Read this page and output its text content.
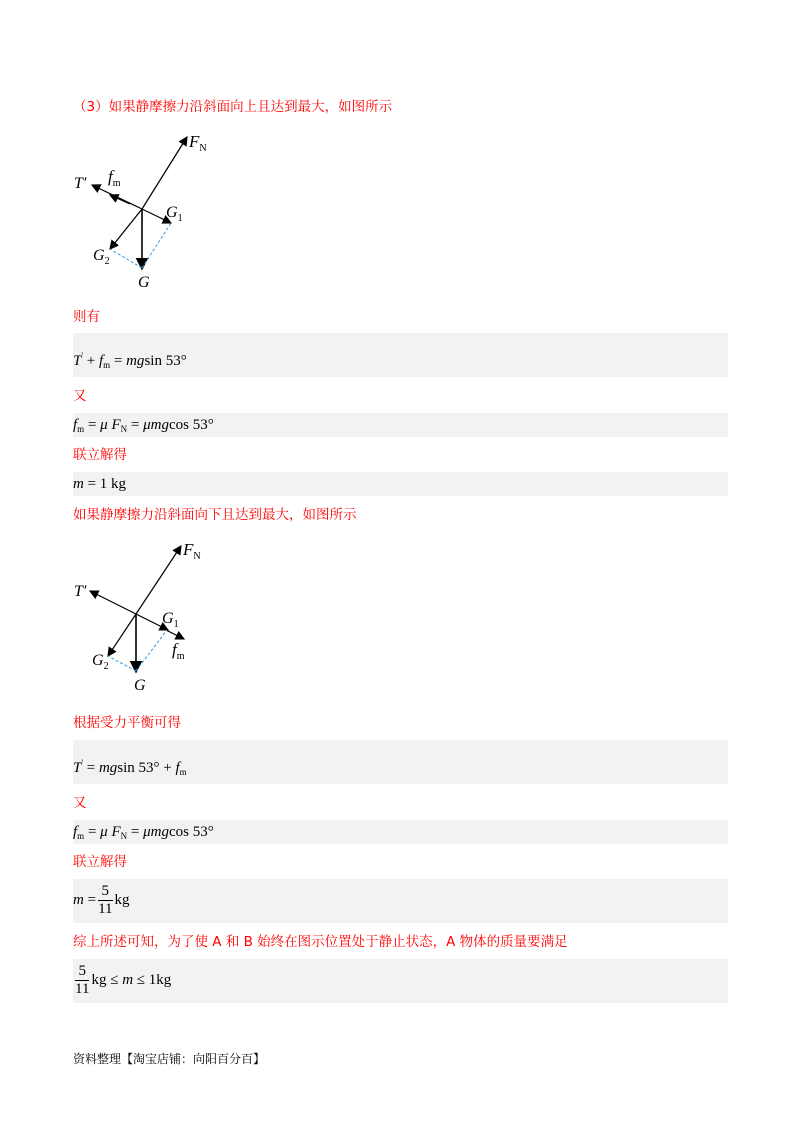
（3）如果静摩擦力沿斜面向上且达到最大，如图所示
$F_N$
T′ $f_m$
$G_1$
$G_2$
G
则有
$T' + f_m = mgsin$ 53°
又
$f_m = \mu$ $F_N = \mu mgcos$ 53°
联立解得
m = 1 kg
如果静摩擦力沿斜面向下且达到最大，如图所示
$F_N$
T′
$G_1$
$f_m$
$G_2$
G
根据受力平衡可得
T' = mgsin $53^\circ + f_m$
又
$f_m = \mu$ $F_N = \mu mgcos$ 53°
联立解得
$m = \frac{5}{11}$ kg
综上所述可知，为了使 A 和 B 始终在图示位置处于静止状态，A 物体的质量要满足
$\frac{5}{11}$ kg ≤ m ≤ 1kg
资料整理【淘宝店铺：向阳百分百】
